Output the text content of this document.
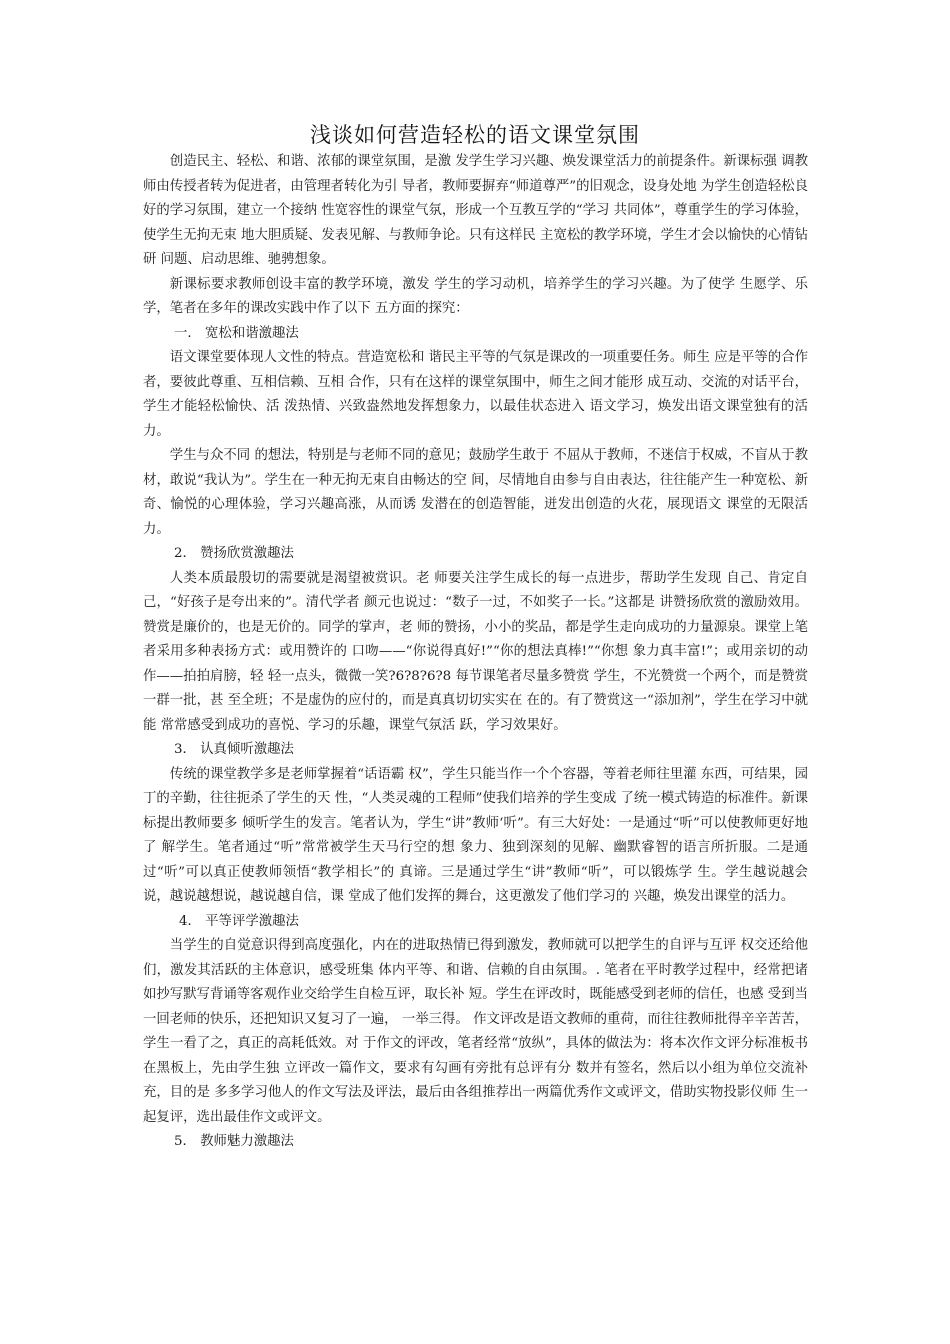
浅谈如何营造轻松的语文课堂氛围

创造民主、轻松、和谐、浓郁的课堂氛围，是激 发学生学习兴趣、焕发课堂活力的前提条件。新课标强 调教师由传授者转为促进者，由管理者转化为引 导者，教师要摒弃“师道尊严”的旧观念，设身处地 为学生创造轻松良好的学习氛围，建立一个接纳 性宽容性的课堂气氛，形成一个互教互学的“学习 共同体”，尊重学生的学习体验，使学生无拘无束 地大胆质疑、发表见解、与教师争论。只有这样民 主宽松的教学环境，学生才会以愉快的心情钻研 问题、启动思维、驰骋想象。

新课标要求教师创设丰富的教学环境，激发 学生的学习动机，培养学生的学习兴趣。为了使学 生愿学、乐学，笔者在多年的课改实践中作了以下 五方面的探究：

一． 宽松和谐激趣法

语文课堂要体现人文性的特点。营造宽松和 谐民主平等的气氛是课改的一项重要任务。师生 应是平等的合作者，要彼此尊重、互相信赖、互相 合作，只有在这样的课堂氛围中，师生之间才能形 成互动、交流的对话平台，学生才能轻松愉快、活 泼热情、兴致盎然地发挥想象力，以最佳状态进入 语文学习，焕发出语文课堂独有的活力。

学生与众不同 的想法，特别是与老师不同的意见；鼓励学生敢于 不屈从于教师，不迷信于权威，不盲从于教材，敢说“我认为”。学生在一种无拘无束自由畅达的空 间，尽情地自由参与自由表达，往往能产生一种宽松、新奇、愉悦的心理体验，学习兴趣高涨，从而诱 发潜在的创造智能，迸发出创造的火花，展现语文 课堂的无限活力。

2． 赞扬欣赏激趣法

人类本质最殷切的需要就是渴望被赏识。老 师要关注学生成长的每一点进步，帮助学生发现 自己、肯定自己，“好孩子是夸出来的”。清代学者 颜元也说过：“数子一过，不如奖子一长。”这都是 讲赞扬欣赏的激励效用。赞赏是廉价的，也是无价的。同学的掌声，老 师的赞扬，小小的奖品，都是学生走向成功的力量源泉。课堂上笔者采用多种表扬方式：或用赞许的 口吻——“你说得真好!”“你的想法真棒!”“你想 象力真丰富!”；或用亲切的动作——拍拍肩膀，轻 轻一点头，微微一笑?6?8?6?8 每节课笔者尽量多赞赏 学生，不光赞赏一个两个，而是赞赏一群一批，甚 至全班；不是虚伪的应付的，而是真真切切实实在 在的。有了赞赏这一“添加剂”，学生在学习中就能 常常感受到成功的喜悦、学习的乐趣，课堂气氛活 跃，学习效果好。

3． 认真倾听激趣法

传统的课堂教学多是老师掌握着“话语霸 权”，学生只能当作一个个容器，等着老师往里灌 东西，可结果，园丁的辛勤，往往扼杀了学生的天 性，“人类灵魂的工程师”使我们培养的学生变成 了统一模式铸造的标准件。新课标提出教师要多 倾听学生的发言。笔者认为，学生“讲”教师‘听”。有三大好处：一是通过“听”可以使教师更好地了 解学生。笔者通过“听”常常被学生天马行空的想 象力、独到深刻的见解、幽默睿智的语言所折服。二是通过“听”可以真正使教师领悟“教学相长”的 真谛。三是通过学生“讲”教师“听”，可以锻炼学 生。学生越说越会说，越说越想说，越说越自信，课 堂成了他们发挥的舞台，这更激发了他们学习的 兴趣，焕发出课堂的活力。

4． 平等评学激趣法

当学生的自觉意识得到高度强化，内在的进取热情已得到激发，教师就可以把学生的自评与互评 权交还给他们，激发其活跃的主体意识，感受班集 体内平等、和谐、信赖的自由氛围。. 笔者在平时教学过程中，经常把诸如抄写默写背诵等客观作业交给学生自检互评，取长补 短。学生在评改时，既能感受到老师的信任，也感 受到当一回老师的快乐，还把知识又复习了一遍， 一举三得。 作文评改是语文教师的重荷，而往往教师批得辛辛苦苦，学生一看了之，真正的高耗低效。对 于作文的评改，笔者经常“放纵”，具体的做法为：将本次作文评分标准板书在黑板上，先由学生独 立评改一篇作文，要求有勾画有旁批有总评有分 数并有签名，然后以小组为单位交流补充，目的是 多多学习他人的作文写法及评法，最后由各组推荐出一两篇优秀作文或评文，借助实物投影仪师 生一起复评，选出最佳作文或评文。

5． 教师魅力激趣法
